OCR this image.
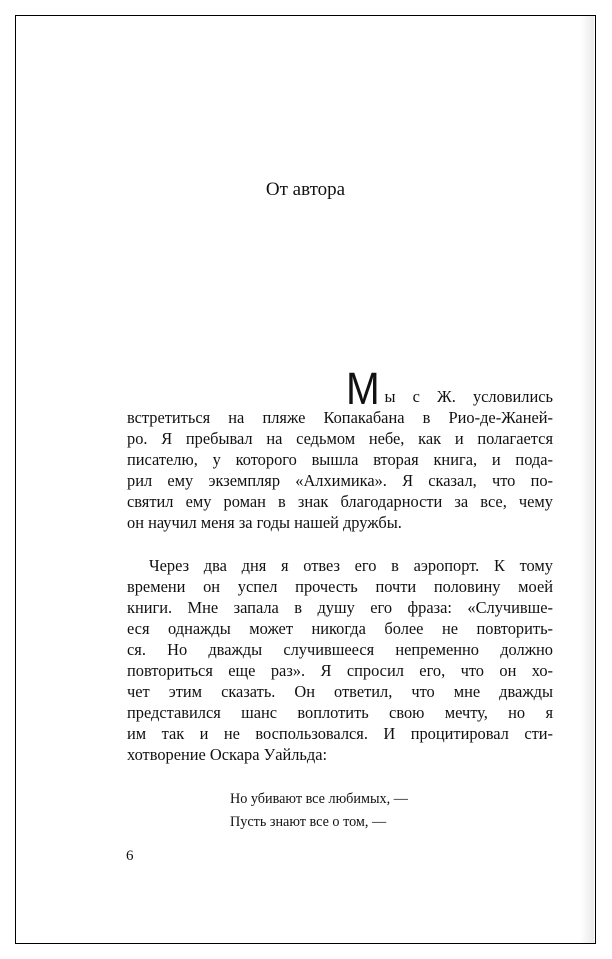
От автора
М ы с Ж. условились
встретиться на пляже Копакабана в Рио-де-Жаней-
ро. Я пребывал на седьмом небе, как и полагается
писателю, у которого вышла вторая книга, и пода-
рил ему экземпляр «Алхимика». Я сказал, что по-
святил ему роман в знак благодарности за все, чему
он научил меня за годы нашей дружбы.
Через два дня я отвез его в аэропорт. К тому
времени он успел прочесть почти половину моей
книги. Мне запала в душу его фраза: «Случивше-
еся однажды может никогда более не повторить-
ся. Но дважды случившееся непременно должно
повториться еще раз». Я спросил его, что он хо-
чет этим сказать. Он ответил, что мне дважды
представился шанс воплотить свою мечту, но я
им так и не воспользовался. И процитировал сти-
хотворение Оскара Уайльда:
Но убивают все любимых, —
Пусть знают все о том, —
6
